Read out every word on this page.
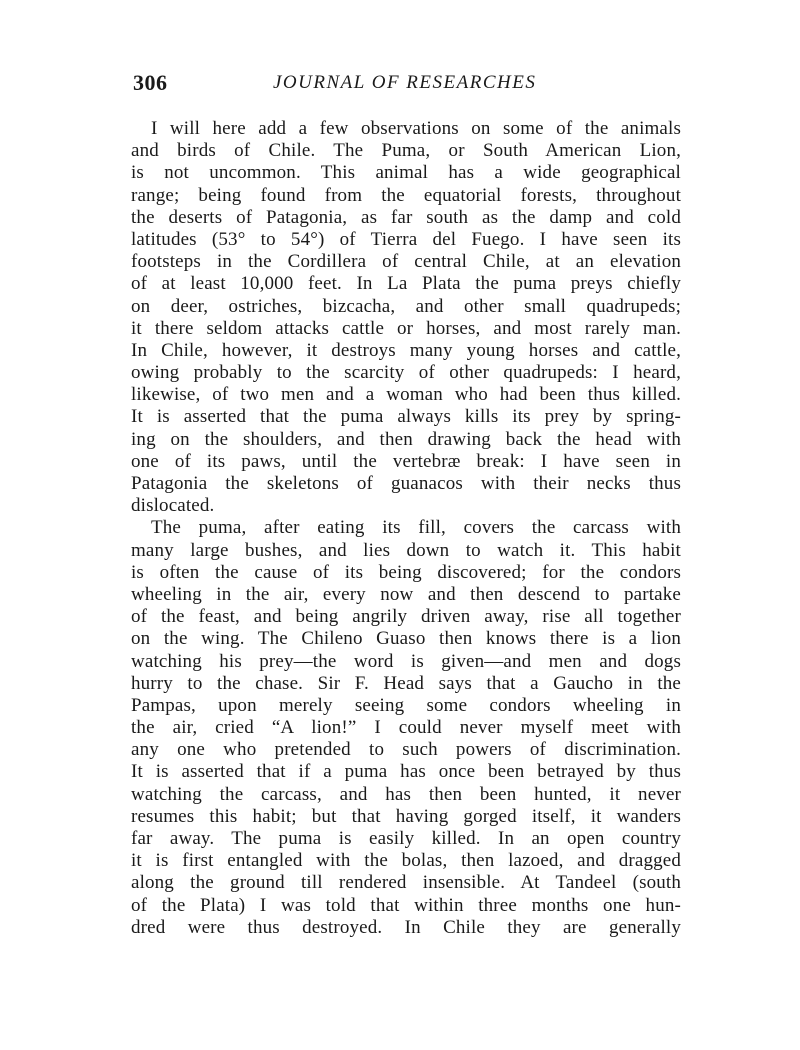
306	JOURNAL OF RESEARCHES
I will here add a few observations on some of the animals
and birds of Chile. The Puma, or South American Lion,
is not uncommon. This animal has a wide geographical
range; being found from the equatorial forests, throughout
the deserts of Patagonia, as far south as the damp and cold
latitudes (53° to 54°) of Tierra del Fuego. I have seen its
footsteps in the Cordillera of central Chile, at an elevation
of at least 10,000 feet. In La Plata the puma preys chiefly
on deer, ostriches, bizcacha, and other small quadrupeds;
it there seldom attacks cattle or horses, and most rarely man.
In Chile, however, it destroys many young horses and cattle,
owing probably to the scarcity of other quadrupeds: I heard,
likewise, of two men and a woman who had been thus killed.
It is asserted that the puma always kills its prey by spring-
ing on the shoulders, and then drawing back the head with
one of its paws, until the vertebræ break: I have seen in
Patagonia the skeletons of guanacos with their necks thus
dislocated.
The puma, after eating its fill, covers the carcass with
many large bushes, and lies down to watch it. This habit
is often the cause of its being discovered; for the condors
wheeling in the air, every now and then descend to partake
of the feast, and being angrily driven away, rise all together
on the wing. The Chileno Guaso then knows there is a lion
watching his prey—the word is given—and men and dogs
hurry to the chase. Sir F. Head says that a Gaucho in the
Pampas, upon merely seeing some condors wheeling in
the air, cried “A lion!” I could never myself meet with
any one who pretended to such powers of discrimination.
It is asserted that if a puma has once been betrayed by thus
watching the carcass, and has then been hunted, it never
resumes this habit; but that having gorged itself, it wanders
far away. The puma is easily killed. In an open country
it is first entangled with the bolas, then lazoed, and dragged
along the ground till rendered insensible. At Tandeel (south
of the Plata) I was told that within three months one hun-
dred were thus destroyed. In Chile they are generally
